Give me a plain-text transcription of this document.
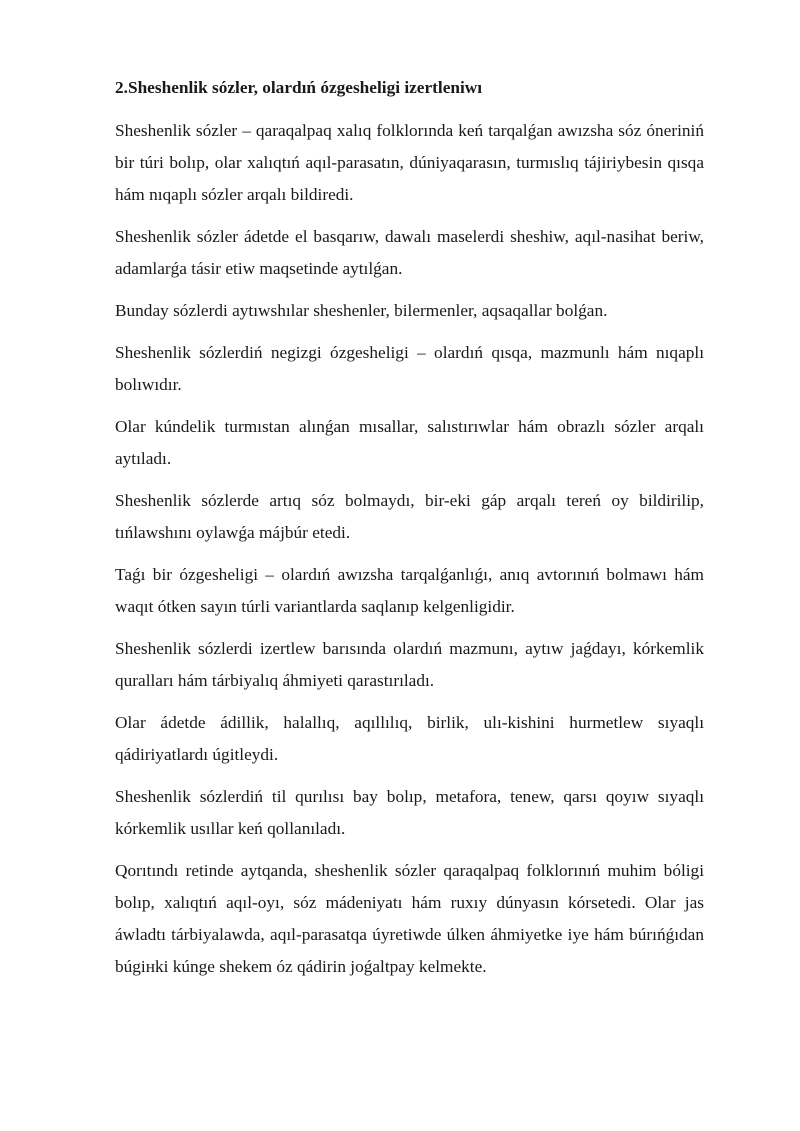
2.Sheshenlik sózler, olardıń ózgesheligi izertleniwı

Sheshenlik sózler – qaraqalpaq xalıq folklorında keń tarqalǵan awızsha sóz óneriniń bir túri bolıp, olar xalıqtıń aqıl-parasatın, dúniyaqarasın, turmıslıq tájiriybesin qısqa hám nıqaplı sózler arqalı bildiredi.

Sheshenlik sózler ádetde el basqarıw, dawalı maselerdi sheshiw, aqıl-nasihat beriw, adamlarǵa tásir etiw maqsetinde aytılǵan.

Bunday sózlerdi aytıwshılar sheshenler, bilermenler, aqsaqallar bolǵan.

Sheshenlik sózlerdiń negizgi ózgesheligi – olardıń qısqa, mazmunlı hám nıqaplı bolıwıdır.

Olar kúndelik turmıstan alınǵan mısallar, salıstırıwlar hám obrazlı sózler arqalı aytıladı.

Sheshenlik sózlerde artıq sóz bolmaydı, bir-eki gáp arqalı tereń oy bildirilip, tıńlawshını oylawǵa májbúr etedi.

Taǵı bir ózgesheligi – olardıń awızsha tarqalǵanlıǵı, anıq avtorınıń bolmawı hám waqıt ótken sayın túrli variantlarda saqlanıp kelgenligidir.

Sheshenlik sózlerdi izertlew barısında olardıń mazmunı, aytıw jaǵdayı, kórkemlik quralları hám tárbiyalıq áhmiyeti qarastırıladı.

Olar ádetde ádillik, halallıq, aqıllılıq, birlik, ulı-kishini hurmetlew sıyaqlı qádiriyatlardı úgitleydi.

Sheshenlik sózlerdiń til qurılısı bay bolıp, metafora, tenew, qarsı qoyıw sıyaqlı kórkemlik usıllar keń qollanıladı.

Qorıtındı retinde aytqanda, sheshenlik sózler qaraqalpaq folklorınıń muhim bóligi bolıp, xalıqtıń aqıl-oyı, sóz mádeniyatı hám ruxıy dúnyasın kórsetedi. Olar jas áwladtı tárbiyalawda, aqıl-parasatqa úyretiwde úlken áhmiyetke iye hám búrıńǵıdan búgінki kúnge shekem óz qádirin joǵaltpay kelmekte.
